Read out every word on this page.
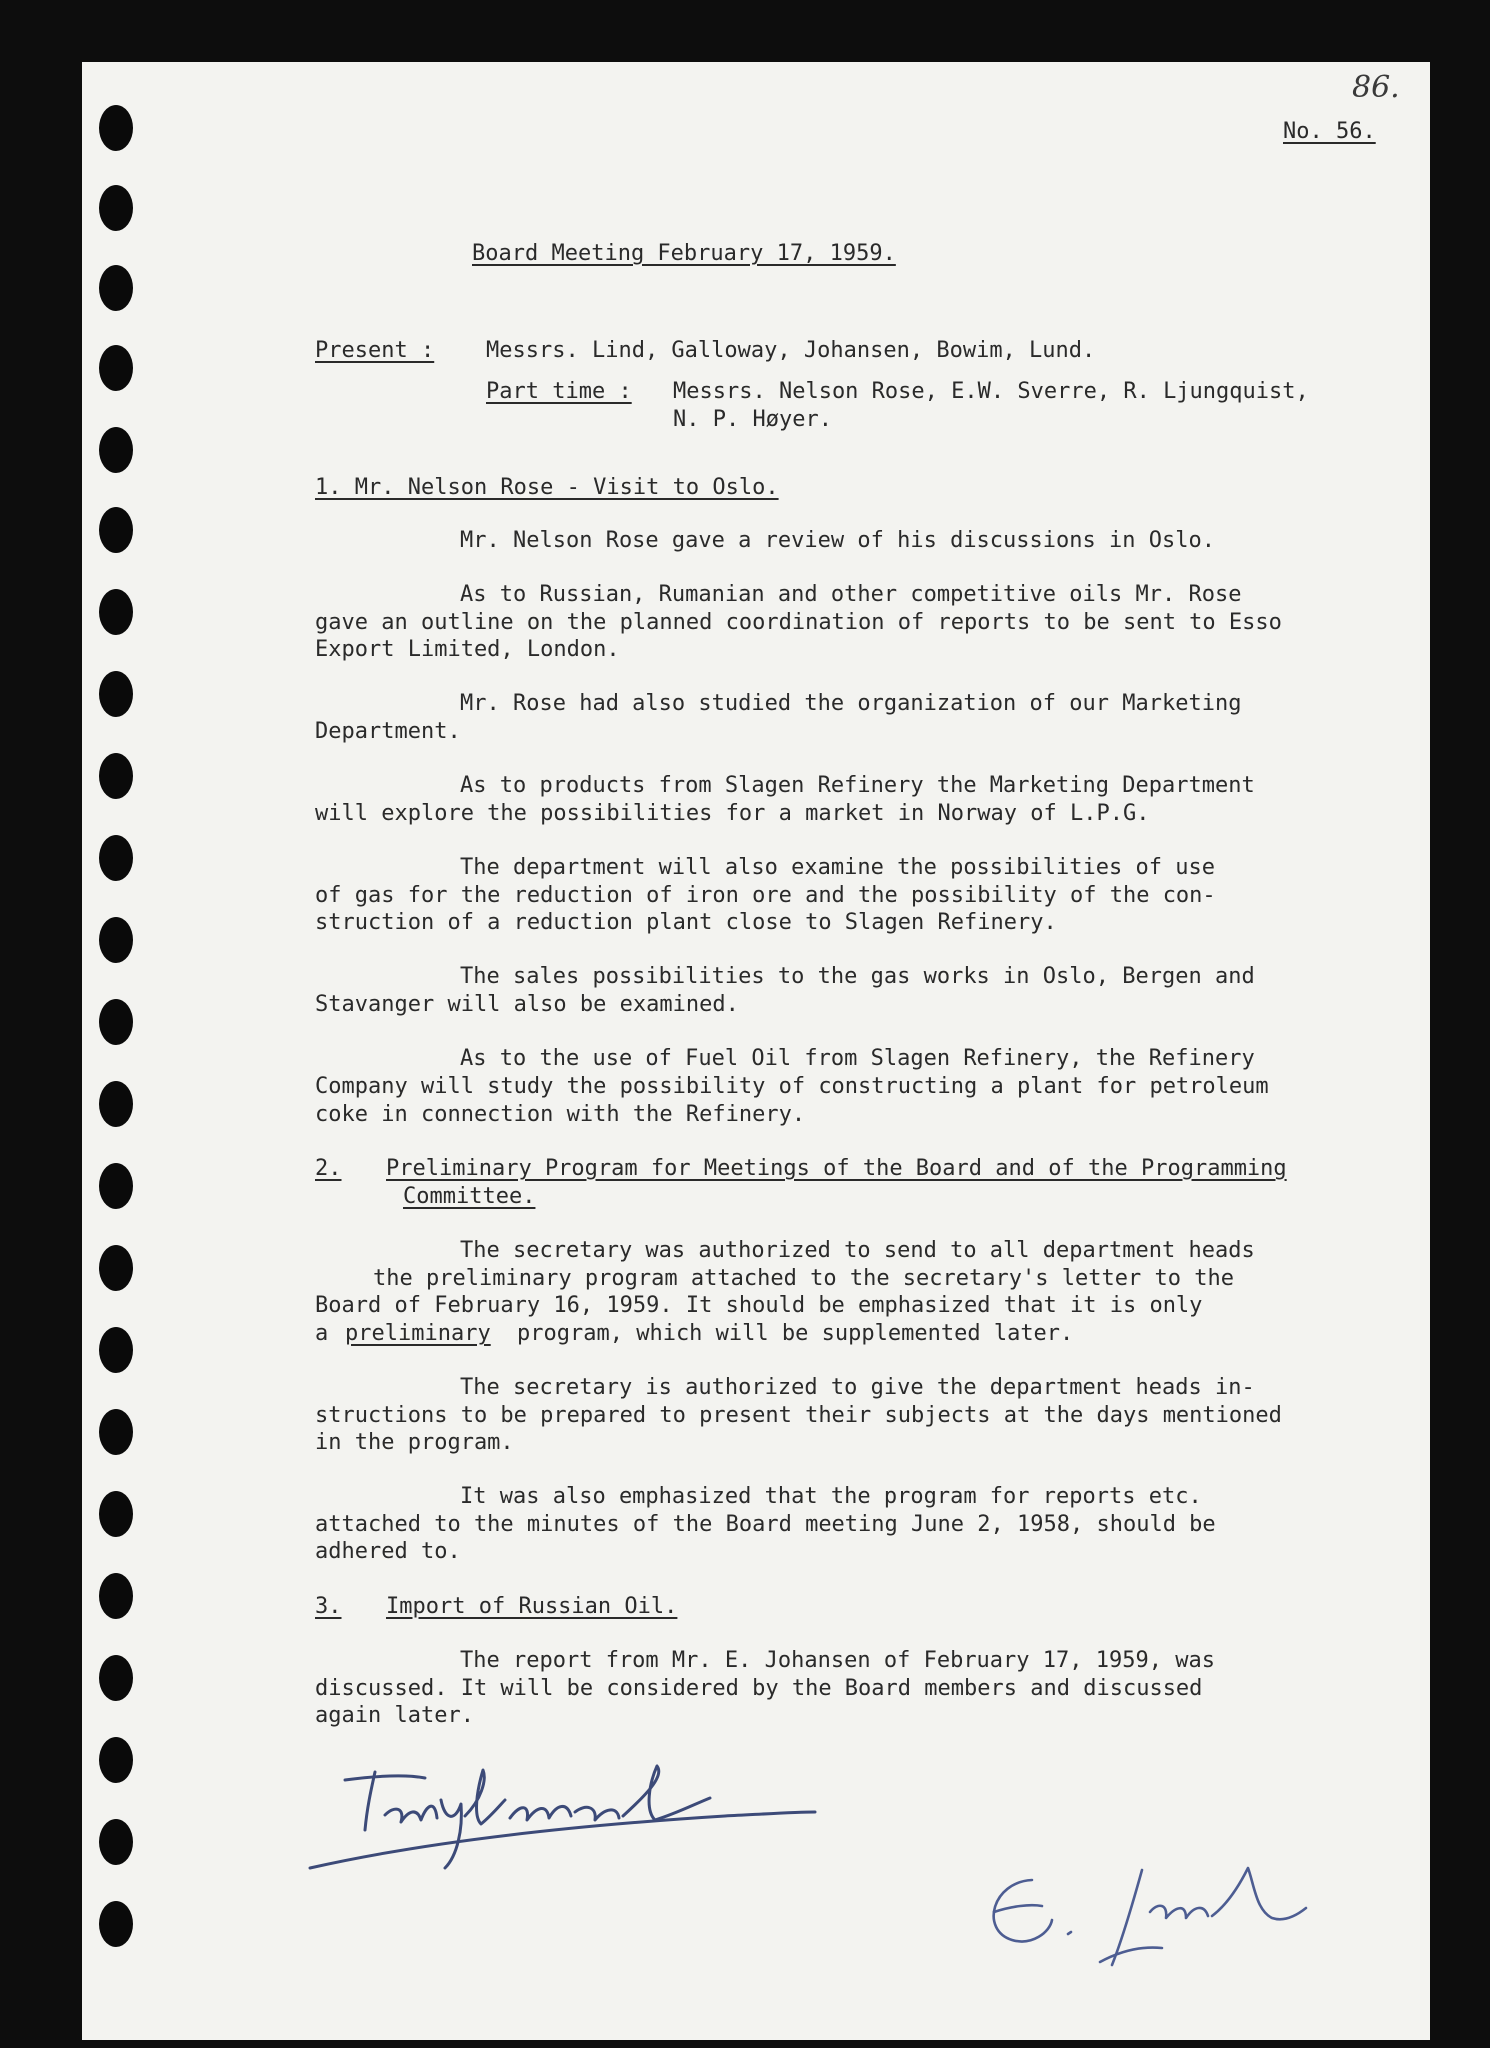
86.
No. 56.
Board Meeting February 17, 1959.
Present : Messrs. Lind, Galloway, Johansen, Bowim, Lund.
Part time : Messrs. Nelson Rose, E.W. Sverre, R. Ljungquist,
N. P. Høyer.
1. Mr. Nelson Rose - Visit to Oslo.
Mr. Nelson Rose gave a review of his discussions in Oslo.
As to Russian, Rumanian and other competitive oils Mr. Rose
gave an outline on the planned coordination of reports to be sent to Esso
Export Limited, London.
Mr. Rose had also studied the organization of our Marketing
Department.
As to products from Slagen Refinery the Marketing Department
will explore the possibilities for a market in Norway of L.P.G.
The department will also examine the possibilities of use
of gas for the reduction of iron ore and the possibility of the con-
struction of a reduction plant close to Slagen Refinery.
The sales possibilities to the gas works in Oslo, Bergen and
Stavanger will also be examined.
As to the use of Fuel Oil from Slagen Refinery, the Refinery
Company will study the possibility of constructing a plant for petroleum
coke in connection with the Refinery.
2. Preliminary Program for Meetings of the Board and of the Programming
Committee.
The secretary was authorized to send to all department heads
the preliminary program attached to the secretary's letter to the
Board of February 16, 1959. It should be emphasized that it is only
a preliminary program, which will be supplemented later.
The secretary is authorized to give the department heads in-
structions to be prepared to present their subjects at the days mentioned
in the program.
It was also emphasized that the program for reports etc.
attached to the minutes of the Board meeting June 2, 1958, should be
adhered to.
3. Import of Russian Oil.
The report from Mr. E. Johansen of February 17, 1959, was
discussed. It will be considered by the Board members and discussed
again later.
